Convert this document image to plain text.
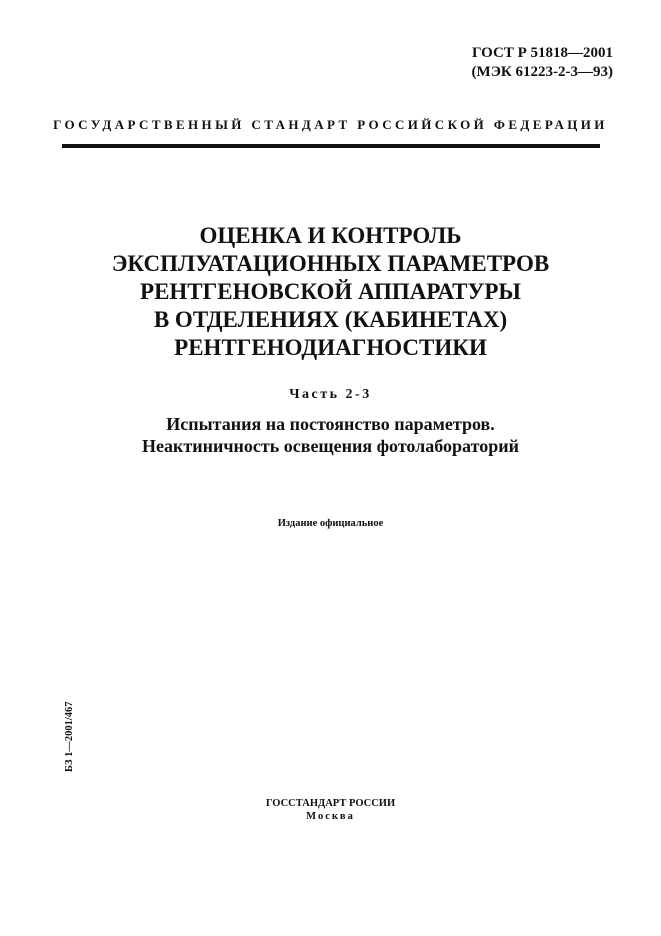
ГОСТ Р 51818—2001
(МЭК 61223-2-3—93)
ГОСУДАРСТВЕННЫЙ СТАНДАРТ РОССИЙСКОЙ ФЕДЕРАЦИИ
ОЦЕНКА И КОНТРОЛЬ
ЭКСПЛУАТАЦИОННЫХ ПАРАМЕТРОВ
РЕНТГЕНОВСКОЙ АППАРАТУРЫ
В ОТДЕЛЕНИЯХ (КАБИНЕТАХ)
РЕНТГЕНОДИАГНОСТИКИ
Часть 2-3
Испытания на постоянство параметров.
Неактиничность освещения фотолабораторий
Издание официальное
БЗ 1—2001/467
ГОССТАНДАРТ РОССИИ
Москва
